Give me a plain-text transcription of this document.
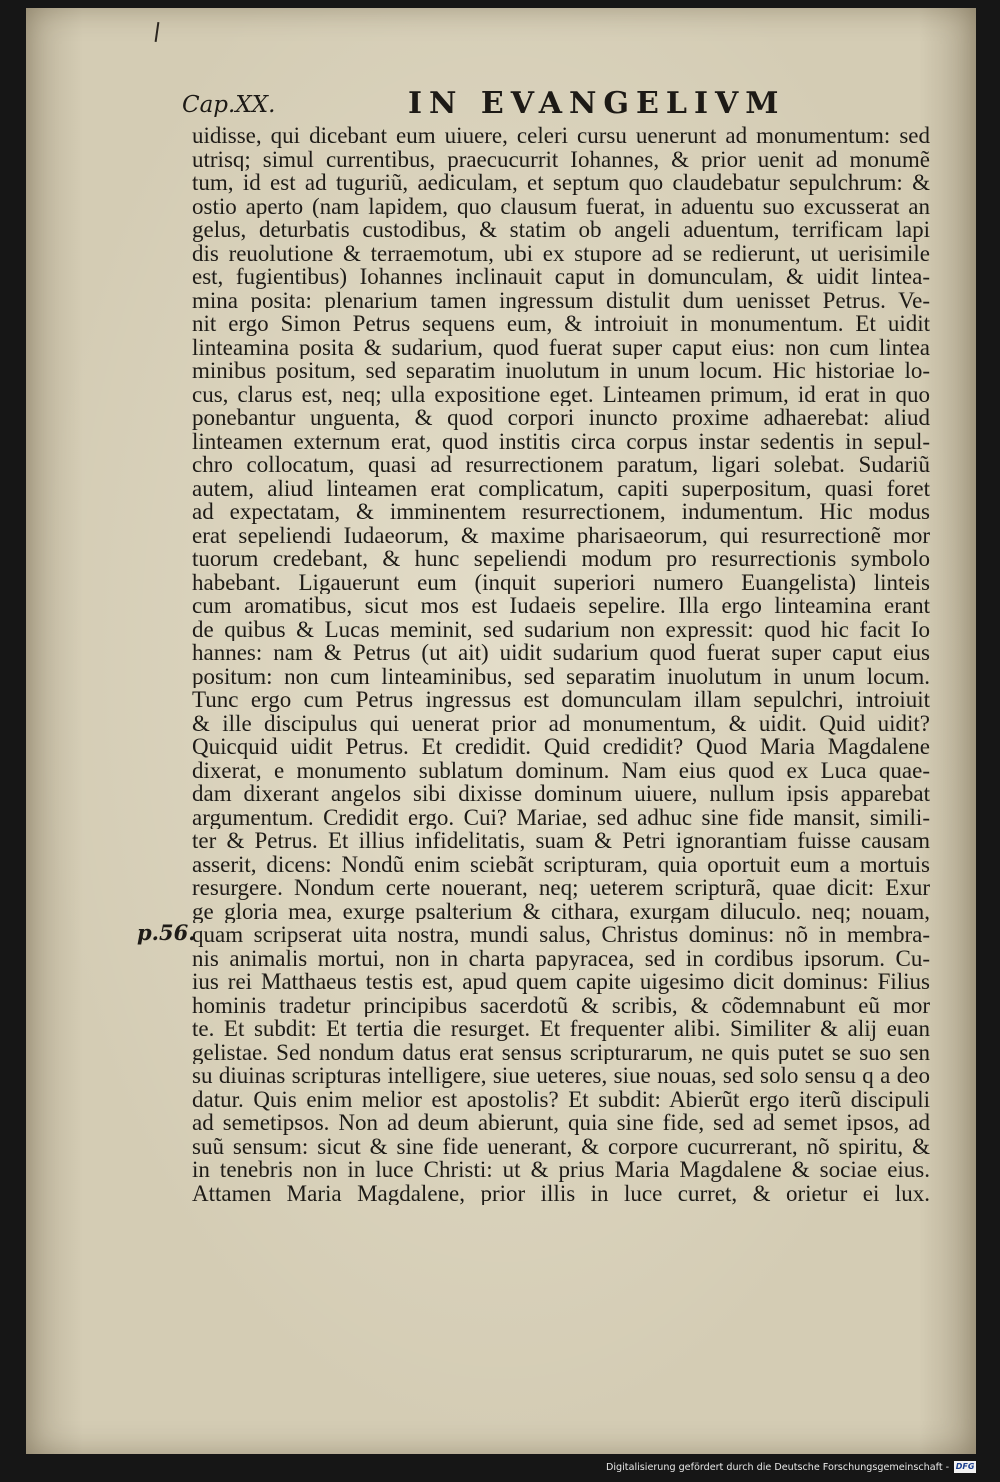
Cap.XX.	IN EVANGELIVM
uidisse, qui dicebant eum uiuere, celeri cursu uenerunt ad monumentum: sed
utrisq; simul currentibus, praecucurrit Iohannes, & prior uenit ad monumẽ
tum, id est ad tuguriũ, aediculam, et septum quo claudebatur sepulchrum: &
ostio aperto (nam lapidem, quo clausum fuerat, in aduentu suo excusserat an
gelus, deturbatis custodibus, & statim ob angeli aduentum, terrificam lapi
dis reuolutione & terraemotum, ubi ex stupore ad se redierunt, ut uerisimile
est, fugientibus) Iohannes inclinauit caput in domunculam, & uidit lintea-
mina posita: plenarium tamen ingressum distulit dum uenisset Petrus. Ve-
nit ergo Simon Petrus sequens eum, & introiuit in monumentum. Et uidit
linteamina posita & sudarium, quod fuerat super caput eius: non cum lintea
minibus positum, sed separatim inuolutum in unum locum. Hic historiae lo-
cus, clarus est, neq; ulla expositione eget. Linteamen primum, id erat in quo
ponebantur unguenta, & quod corpori inuncto proxime adhaerebat: aliud
linteamen externum erat, quod institis circa corpus instar sedentis in sepul-
chro collocatum, quasi ad resurrectionem paratum, ligari solebat. Sudariũ
autem, aliud linteamen erat complicatum, capiti superpositum, quasi foret
ad expectatam, & imminentem resurrectionem, indumentum. Hic modus
erat sepeliendi Iudaeorum, & maxime pharisaeorum, qui resurrectionẽ mor
tuorum credebant, & hunc sepeliendi modum pro resurrectionis symbolo
habebant. Ligauerunt eum (inquit superiori numero Euangelista) linteis
cum aromatibus, sicut mos est Iudaeis sepelire. Illa ergo linteamina erant
de quibus & Lucas meminit, sed sudarium non expressit: quod hic facit Io
hannes: nam & Petrus (ut ait) uidit sudarium quod fuerat super caput eius
positum: non cum linteaminibus, sed separatim inuolutum in unum locum.
Tunc ergo cum Petrus ingressus est domunculam illam sepulchri, introiuit
& ille discipulus qui uenerat prior ad monumentum, & uidit. Quid uidit?
Quicquid uidit Petrus. Et credidit. Quid credidit? Quod Maria Magdalene
dixerat, e monumento sublatum dominum. Nam eius quod ex Luca quae-
dam dixerant angelos sibi dixisse dominum uiuere, nullum ipsis apparebat
argumentum. Credidit ergo. Cui? Mariae, sed adhuc sine fide mansit, simili-
ter & Petrus. Et illius infidelitatis, suam & Petri ignorantiam fuisse causam
asserit, dicens: Nondũ enim sciebãt scripturam, quia oportuit eum a mortuis
resurgere. Nondum certe nouerant, neq; ueterem scripturã, quae dicit: Exur
ge gloria mea, exurge psalterium & cithara, exurgam diluculo. neq; nouam,
quam scripserat uita nostra, mundi salus, Christus dominus: nõ in membra-
nis animalis mortui, non in charta papyracea, sed in cordibus ipsorum. Cu-
ius rei Matthaeus testis est, apud quem capite uigesimo dicit dominus: Filius
hominis tradetur principibus sacerdotũ & scribis, & cõdemnabunt eũ mor
te. Et subdit: Et tertia die resurget. Et frequenter alibi. Similiter & alij euan
gelistae. Sed nondum datus erat sensus scripturarum, ne quis putet se suo sen
su diuinas scripturas intelligere, siue ueteres, siue nouas, sed solo sensu q a deo
datur. Quis enim melior est apostolis? Et subdit: Abierũt ergo iterũ discipuli
ad semetipsos. Non ad deum abierunt, quia sine fide, sed ad semet ipsos, ad
suũ sensum: sicut & sine fide uenerant, & corpore cucurrerant, nõ spiritu, &
in tenebris non in luce Christi: ut & prius Maria Magdalene & sociae eius.
Attamen Maria Magdalene, prior illis in luce curret, & orietur ei lux.
p.56.
Digitalisierung gefördert durch die Deutsche Forschungsgemeinschaft - DFG
